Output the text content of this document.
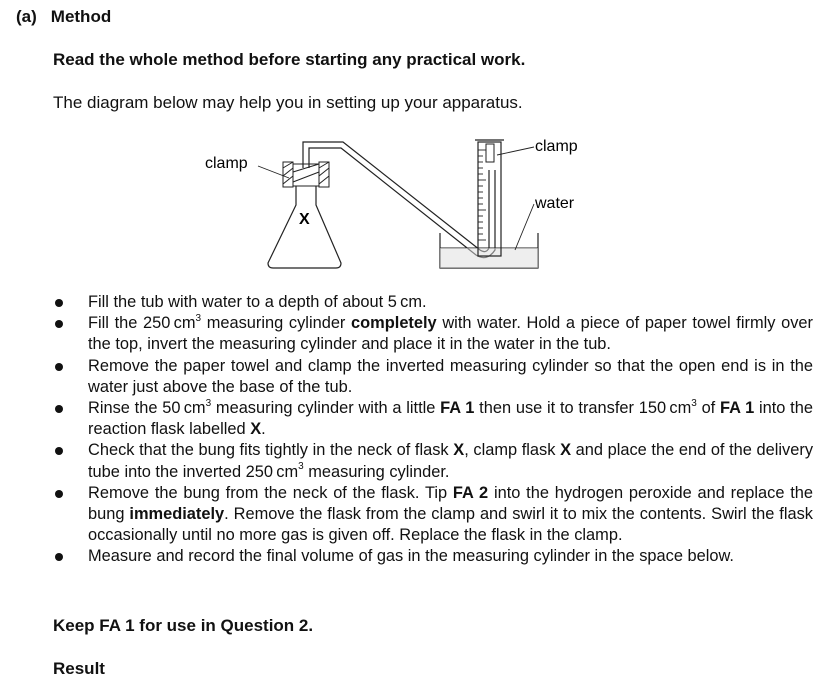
(a) Method
Read the whole method before starting any practical work.
The diagram below may help you in setting up your apparatus.
clamp
clamp
water
X
Fill the tub with water to a depth of about 5 cm.
Fill the 250 $cm^3$ measuring cylinder completely with water. Hold a piece of paper towel firmly over the top, invert the measuring cylinder and place it in the water in the tub.
Remove the paper towel and clamp the inverted measuring cylinder so that the open end is in the water just above the base of the tub.
Rinse the 50 $cm^3$ measuring cylinder with a little FA 1 then use it to transfer 150 $cm^3$ of FA 1 into the reaction flask labelled X.
Check that the bung fits tightly in the neck of flask X, clamp flask X and place the end of the delivery tube into the inverted 250 $cm^3$ measuring cylinder.
Remove the bung from the neck of the flask. Tip FA 2 into the hydrogen peroxide and replace the bung immediately. Remove the flask from the clamp and swirl it to mix the contents. Swirl the flask occasionally until no more gas is given off. Replace the flask in the clamp.
Measure and record the final volume of gas in the measuring cylinder in the space below.
Keep FA 1 for use in Question 2.
Result
